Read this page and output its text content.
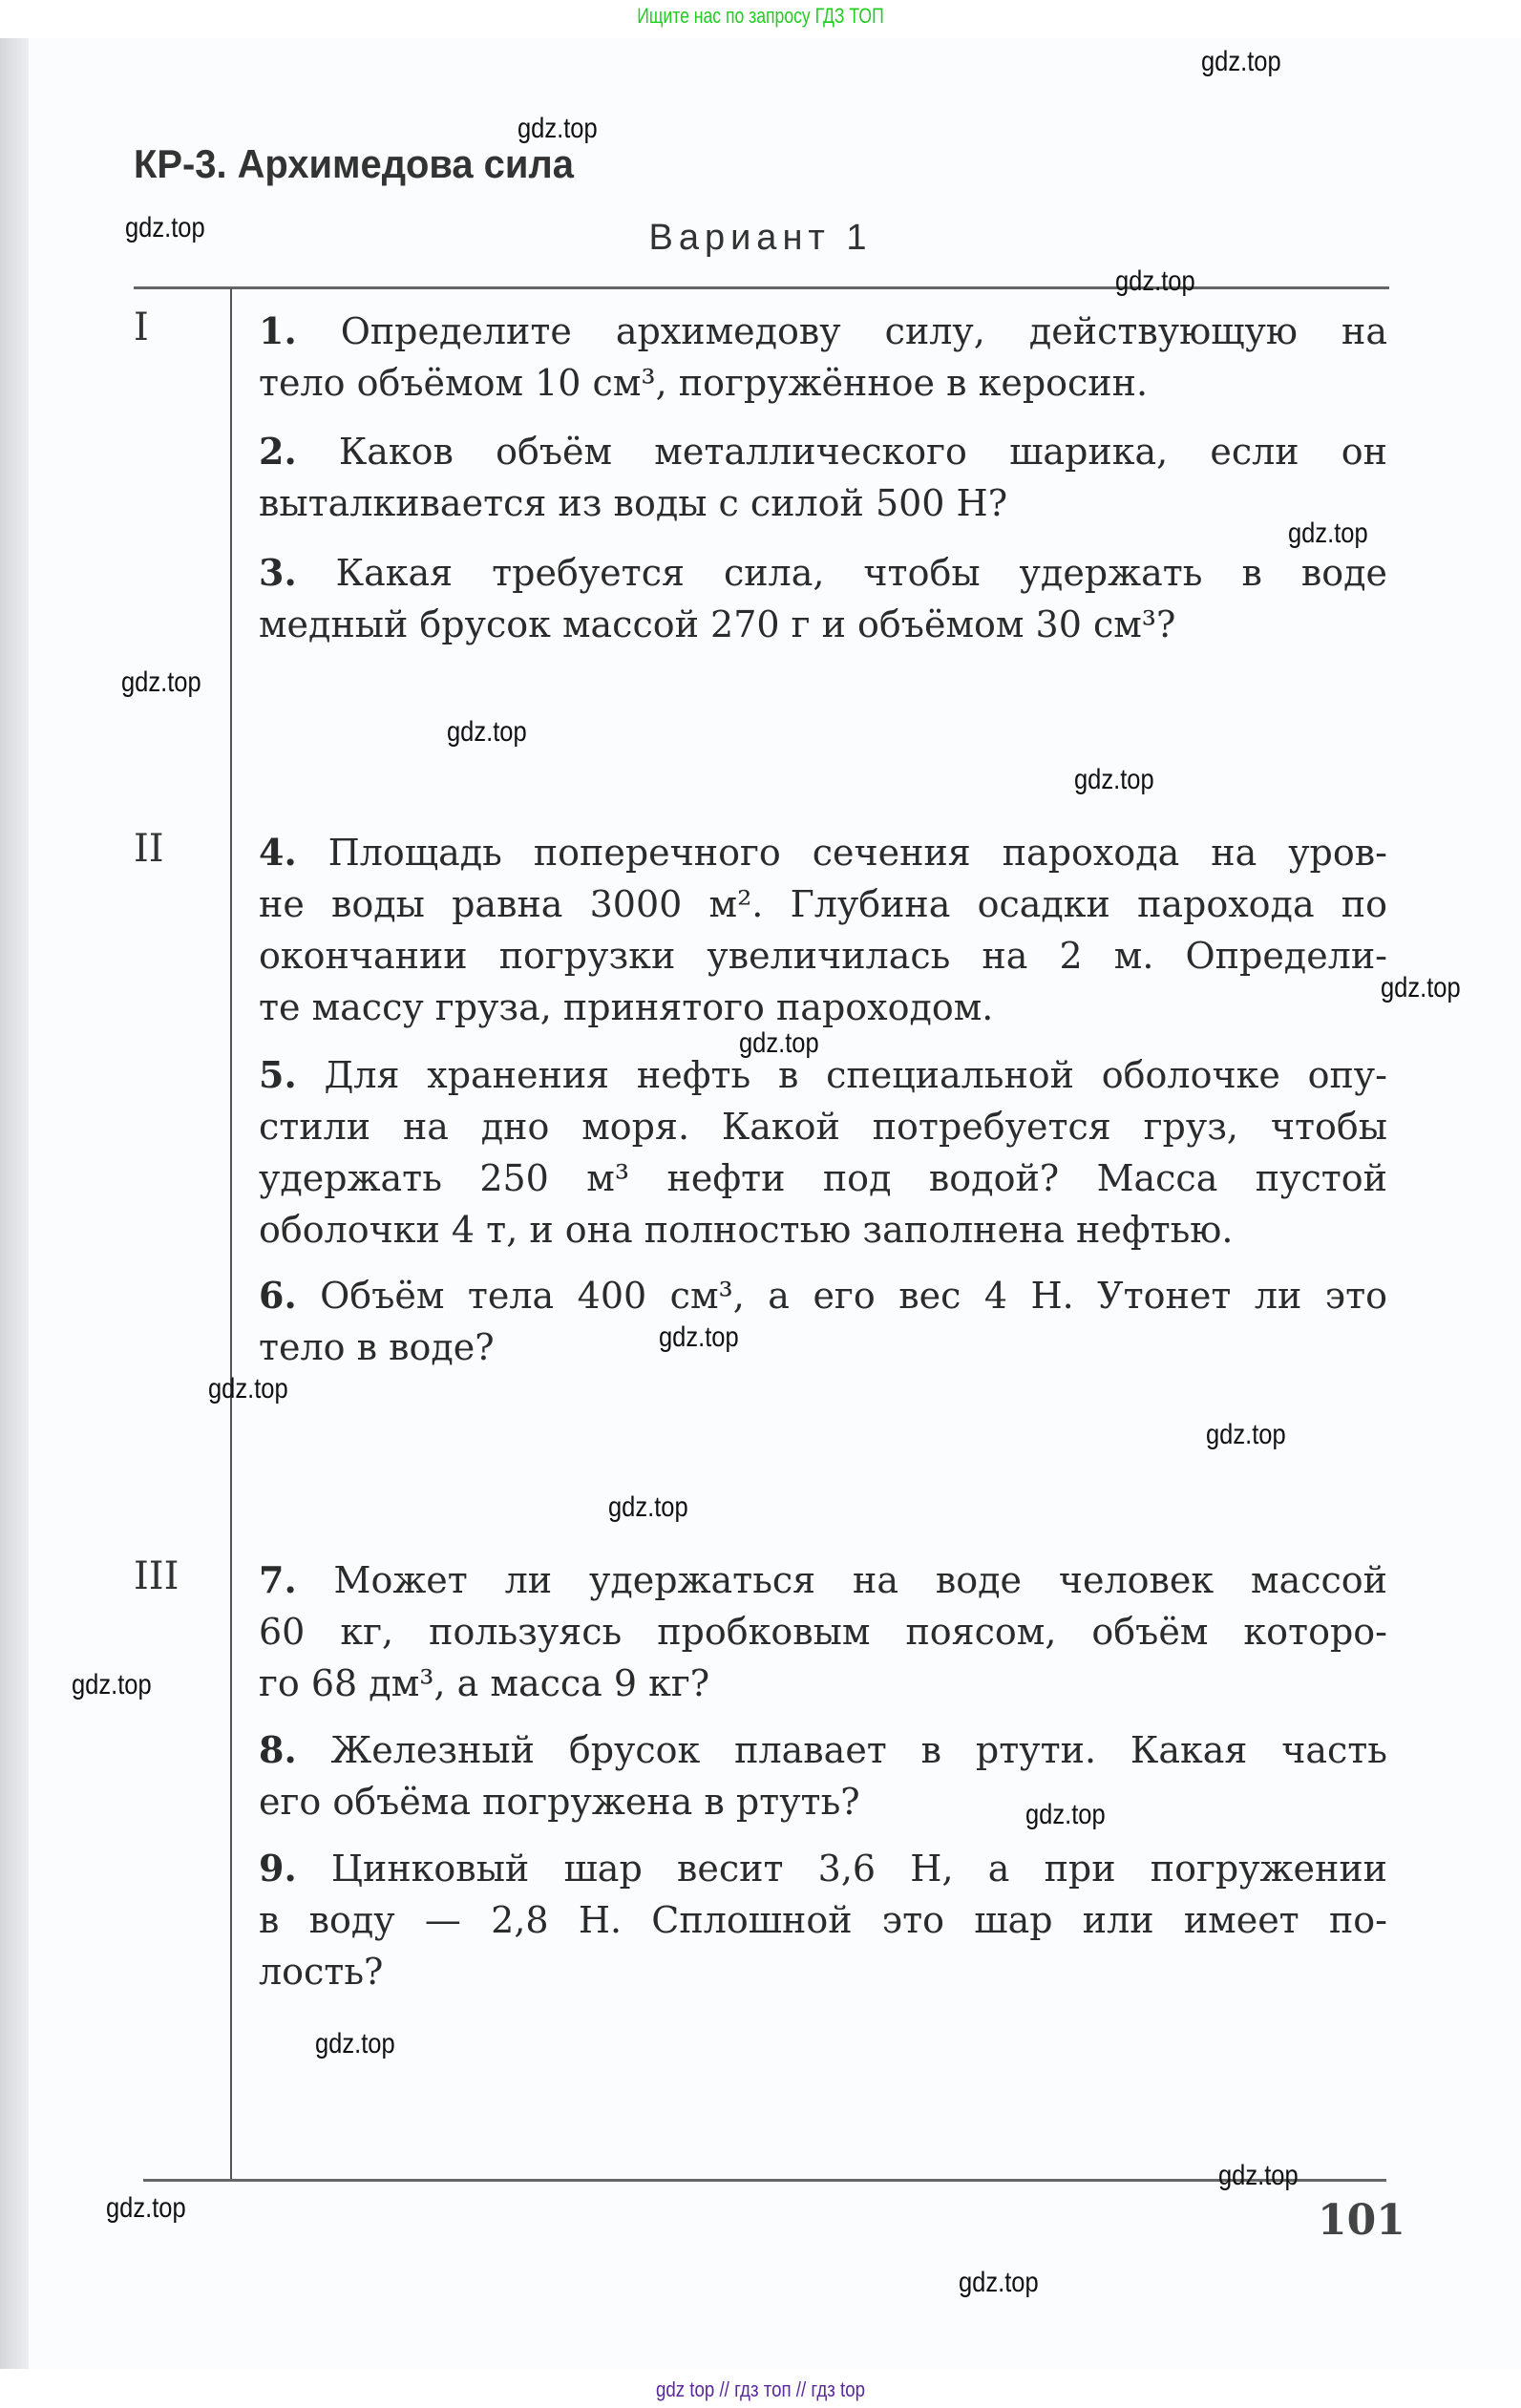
Ищите нас по запросу ГДЗ ТОП
КР-3. Архимедова сила
Вариант 1
I
II
III
1. Определите архимедову силу, действующую на
тело объёмом 10 см³, погружённое в керосин.
2. Каков объём металлического шарика, если он
выталкивается из воды с силой 500 Н?
3. Какая требуется сила, чтобы удержать в воде
медный брусок массой 270 г и объёмом 30 см³?
4. Площадь поперечного сечения парохода на уров-
не воды равна 3000 м². Глубина осадки парохода по
окончании погрузки увеличилась на 2 м. Определи-
те массу груза, принятого пароходом.
5. Для хранения нефть в специальной оболочке опу-
стили на дно моря. Какой потребуется груз, чтобы
удержать 250 м³ нефти под водой? Масса пустой
оболочки 4 т, и она полностью заполнена нефтью.
6. Объём тела 400 см³, а его вес 4 Н. Утонет ли это
тело в воде?
7. Может ли удержаться на воде человек массой
60 кг, пользуясь пробковым поясом, объём которо-
го 68 дм³, а масса 9 кг?
8. Железный брусок плавает в ртути. Какая часть
его объёма погружена в ртуть?
9. Цинковый шар весит 3,6 Н, а при погружении
в воду — 2,8 Н. Сплошной это шар или имеет по-
лость?
101
gdz top // гдз топ // гдз top
gdz.top
gdz.top
gdz.top
gdz.top
gdz.top
gdz.top
gdz.top
gdz.top
gdz.top
gdz.top
gdz.top
gdz.top
gdz.top
gdz.top
gdz.top
gdz.top
gdz.top
gdz.top
gdz.top
gdz.top
